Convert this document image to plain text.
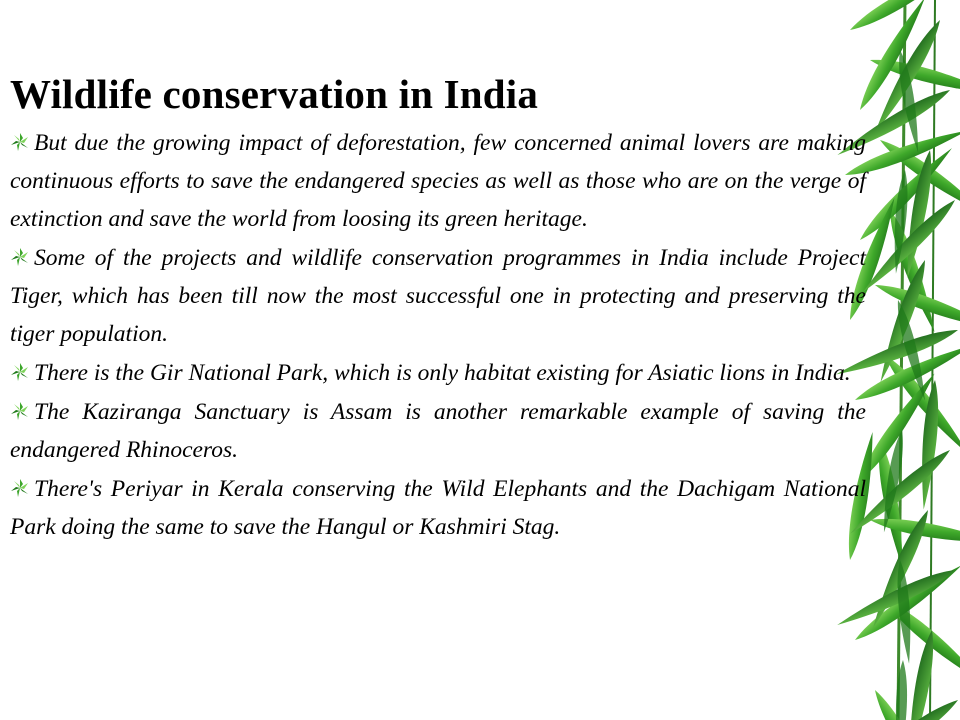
Wildlife conservation in India

But due the growing impact of deforestation, few concerned animal lovers are making continuous efforts to save the endangered species as well as those who are on the verge of extinction and save the world from loosing its green heritage.

Some of the projects and wildlife conservation programmes in India include Project Tiger, which has been till now the most successful one in protecting and preserving the tiger population.

There is the Gir National Park, which is only habitat existing for Asiatic lions in India.

The Kaziranga Sanctuary is Assam is another remarkable example of saving the endangered Rhinoceros.

There's Periyar in Kerala conserving the Wild Elephants and the Dachigam National Park doing the same to save the Hangul or Kashmiri Stag.
